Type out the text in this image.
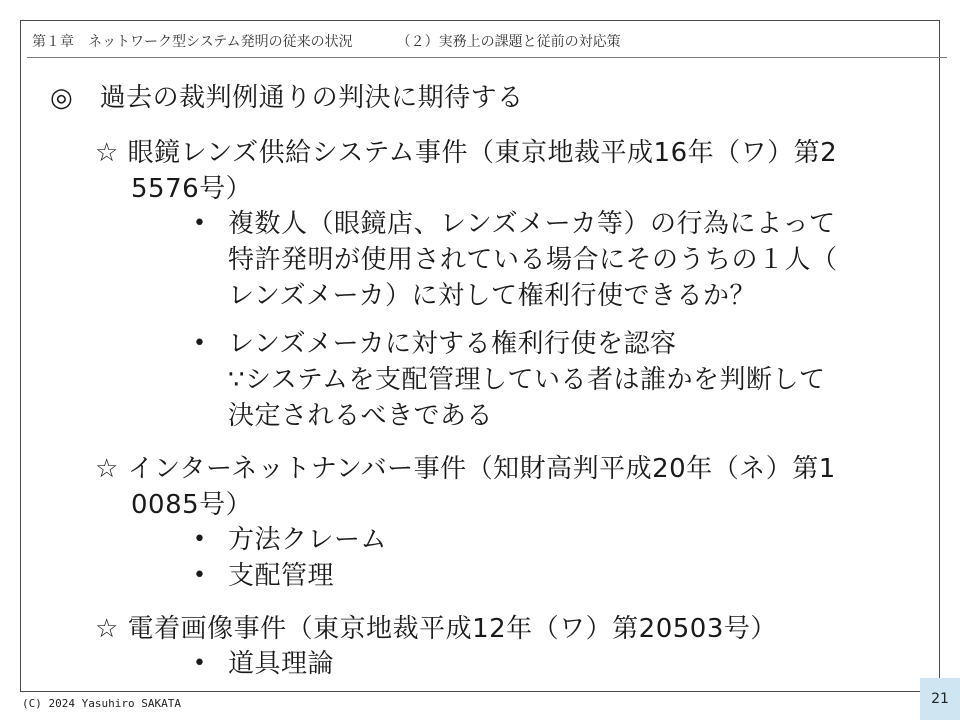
第１章　ネットワーク型システム発明の従来の状況	（２）実務上の課題と従前の対応策
◎　過去の裁判例通りの判決に期待する
☆ 眼鏡レンズ供給システム事件（東京地裁平成16年（ワ）第2
5576号）
• 複数人（眼鏡店、レンズメーカ等）の行為によって
特許発明が使用されている場合にそのうちの１人（
レンズメーカ）に対して権利行使できるか？
• レンズメーカに対する権利行使を認容
∵システムを支配管理している者は誰かを判断して
決定されるべきである
☆ インターネットナンバー事件（知財高判平成20年（ネ）第1
0085号）
• 方法クレーム
• 支配管理
☆ 電着画像事件（東京地裁平成12年（ワ）第20503号）
• 道具理論
(C) 2024 Yasuhiro SAKATA	21
